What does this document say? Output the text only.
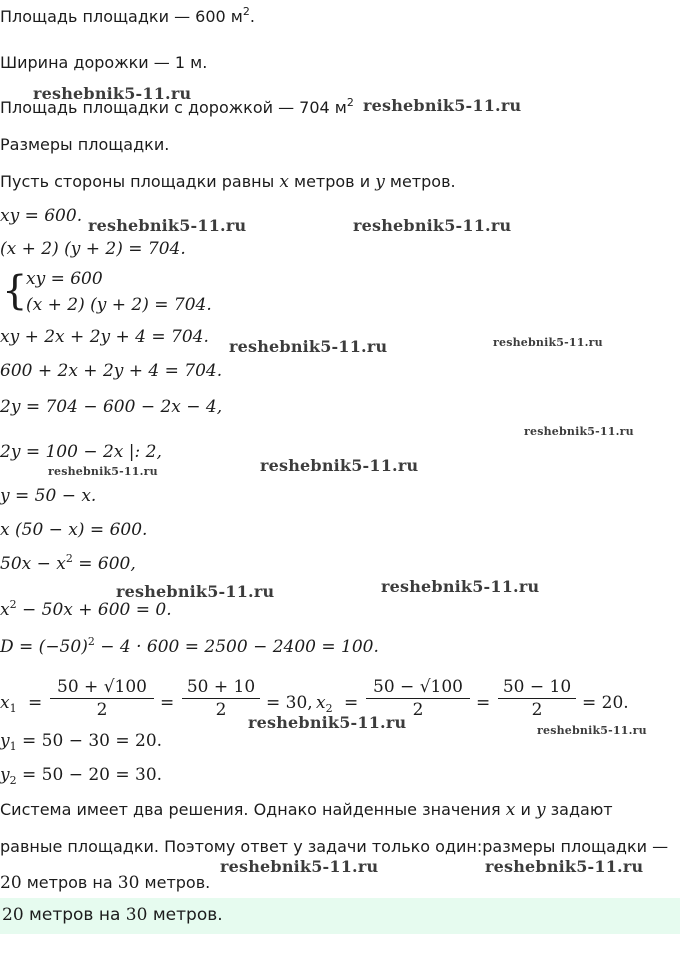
Площадь площадки — 600 $м^2$.
Ширина дорожки — 1 м.
Площадь площадки с дорожкой — 704 $м^2$
Размеры площадки.
Пусть стороны площадки равны x метров и y метров.
xy = 600.
(x + 2) (y + 2) = 704.
{
xy = 600
(x + 2) (y + 2) = 704.
xy + 2x + 2y + 4 = 704.
600 + 2x + 2y + 4 = 704.
2y = 704 − 600 − 2x − 4,
2y = 100 − 2x |: 2,
y = 50 − x.
x (50 − x) = 600.
$50x - x^2 = 600$,
$x^2 - 50x + 600 = 0$.
$D = (-50)^2 - 4 \cdot 600 = 2500 - 2400 = 100$.
$x_1 = \frac{50 + √100}{2} = \frac{50 + 10}{2} = 30$, $x_2 = \frac{50 - √100}{2} = \frac{50 - 10}{2} = 20$.
$y_1 = 50 - 30 = 20$.
$y_2 = 50 - 20 = 30$.
Система имеет два решения. Однако найденные значения x и y задают
равные площадки. Поэтому ответ у задачи только один:размеры площадки —
20 метров на 30 метров.
20 метров на 30 метров.
reshebnik5-11.ru
reshebnik5-11.ru
reshebnik5-11.ru	reshebnik5-11.ru
reshebnik5-11.ru	reshebnik5-11.ru
reshebnik5-11.ru
reshebnik5-11.ru	reshebnik5-11.ru
reshebnik5-11.ru	reshebnik5-11.ru
reshebnik5-11.ru	reshebnik5-11.ru
reshebnik5-11.ru	reshebnik5-11.ru
